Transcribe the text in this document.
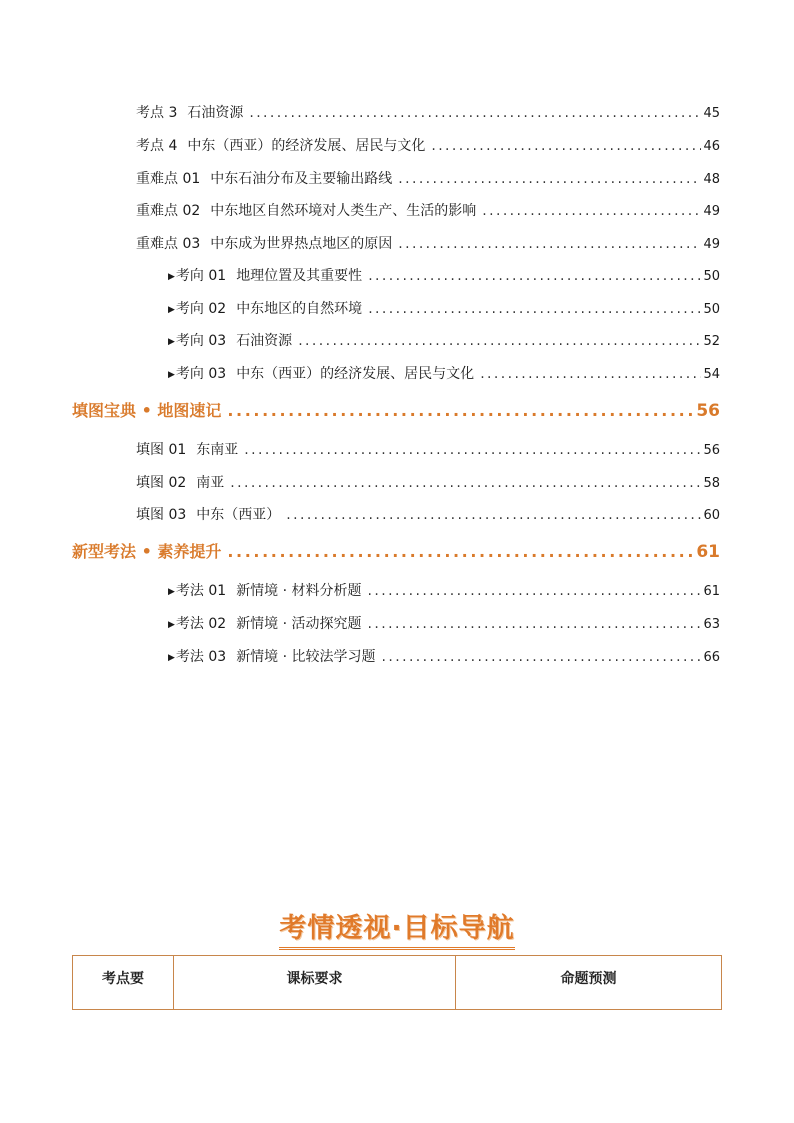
考点 3 石油资源 .....	45
考点 4 中东（西亚）的经济发展、居民与文化 .....	46
重难点 01 中东石油分布及主要输出路线 .....	48
重难点 02 中东地区自然环境对人类生产、生活的影响 .....	49
重难点 03 中东成为世界热点地区的原因 .....	49
▶考向 01 地理位置及其重要性 .....	50
▶考向 02 中东地区的自然环境 .....	50
▶考向 03 石油资源 .....	52
▶考向 03 中东（西亚）的经济发展、居民与文化 .....	54
填图宝典 • 地图速记 .....	56
填图 01 东南亚 .....	56
填图 02 南亚 .....	58
填图 03 中东（西亚） .....	60
新型考法 • 素养提升 .....	61
▶考法 01 新情境 · 材料分析题 .....	61
▶考法 02 新情境 · 活动探究题 .....	63
▶考法 03 新情境 · 比较法学习题 .....	66
考情透视·目标导航
考点要	课标要求	命题预测
